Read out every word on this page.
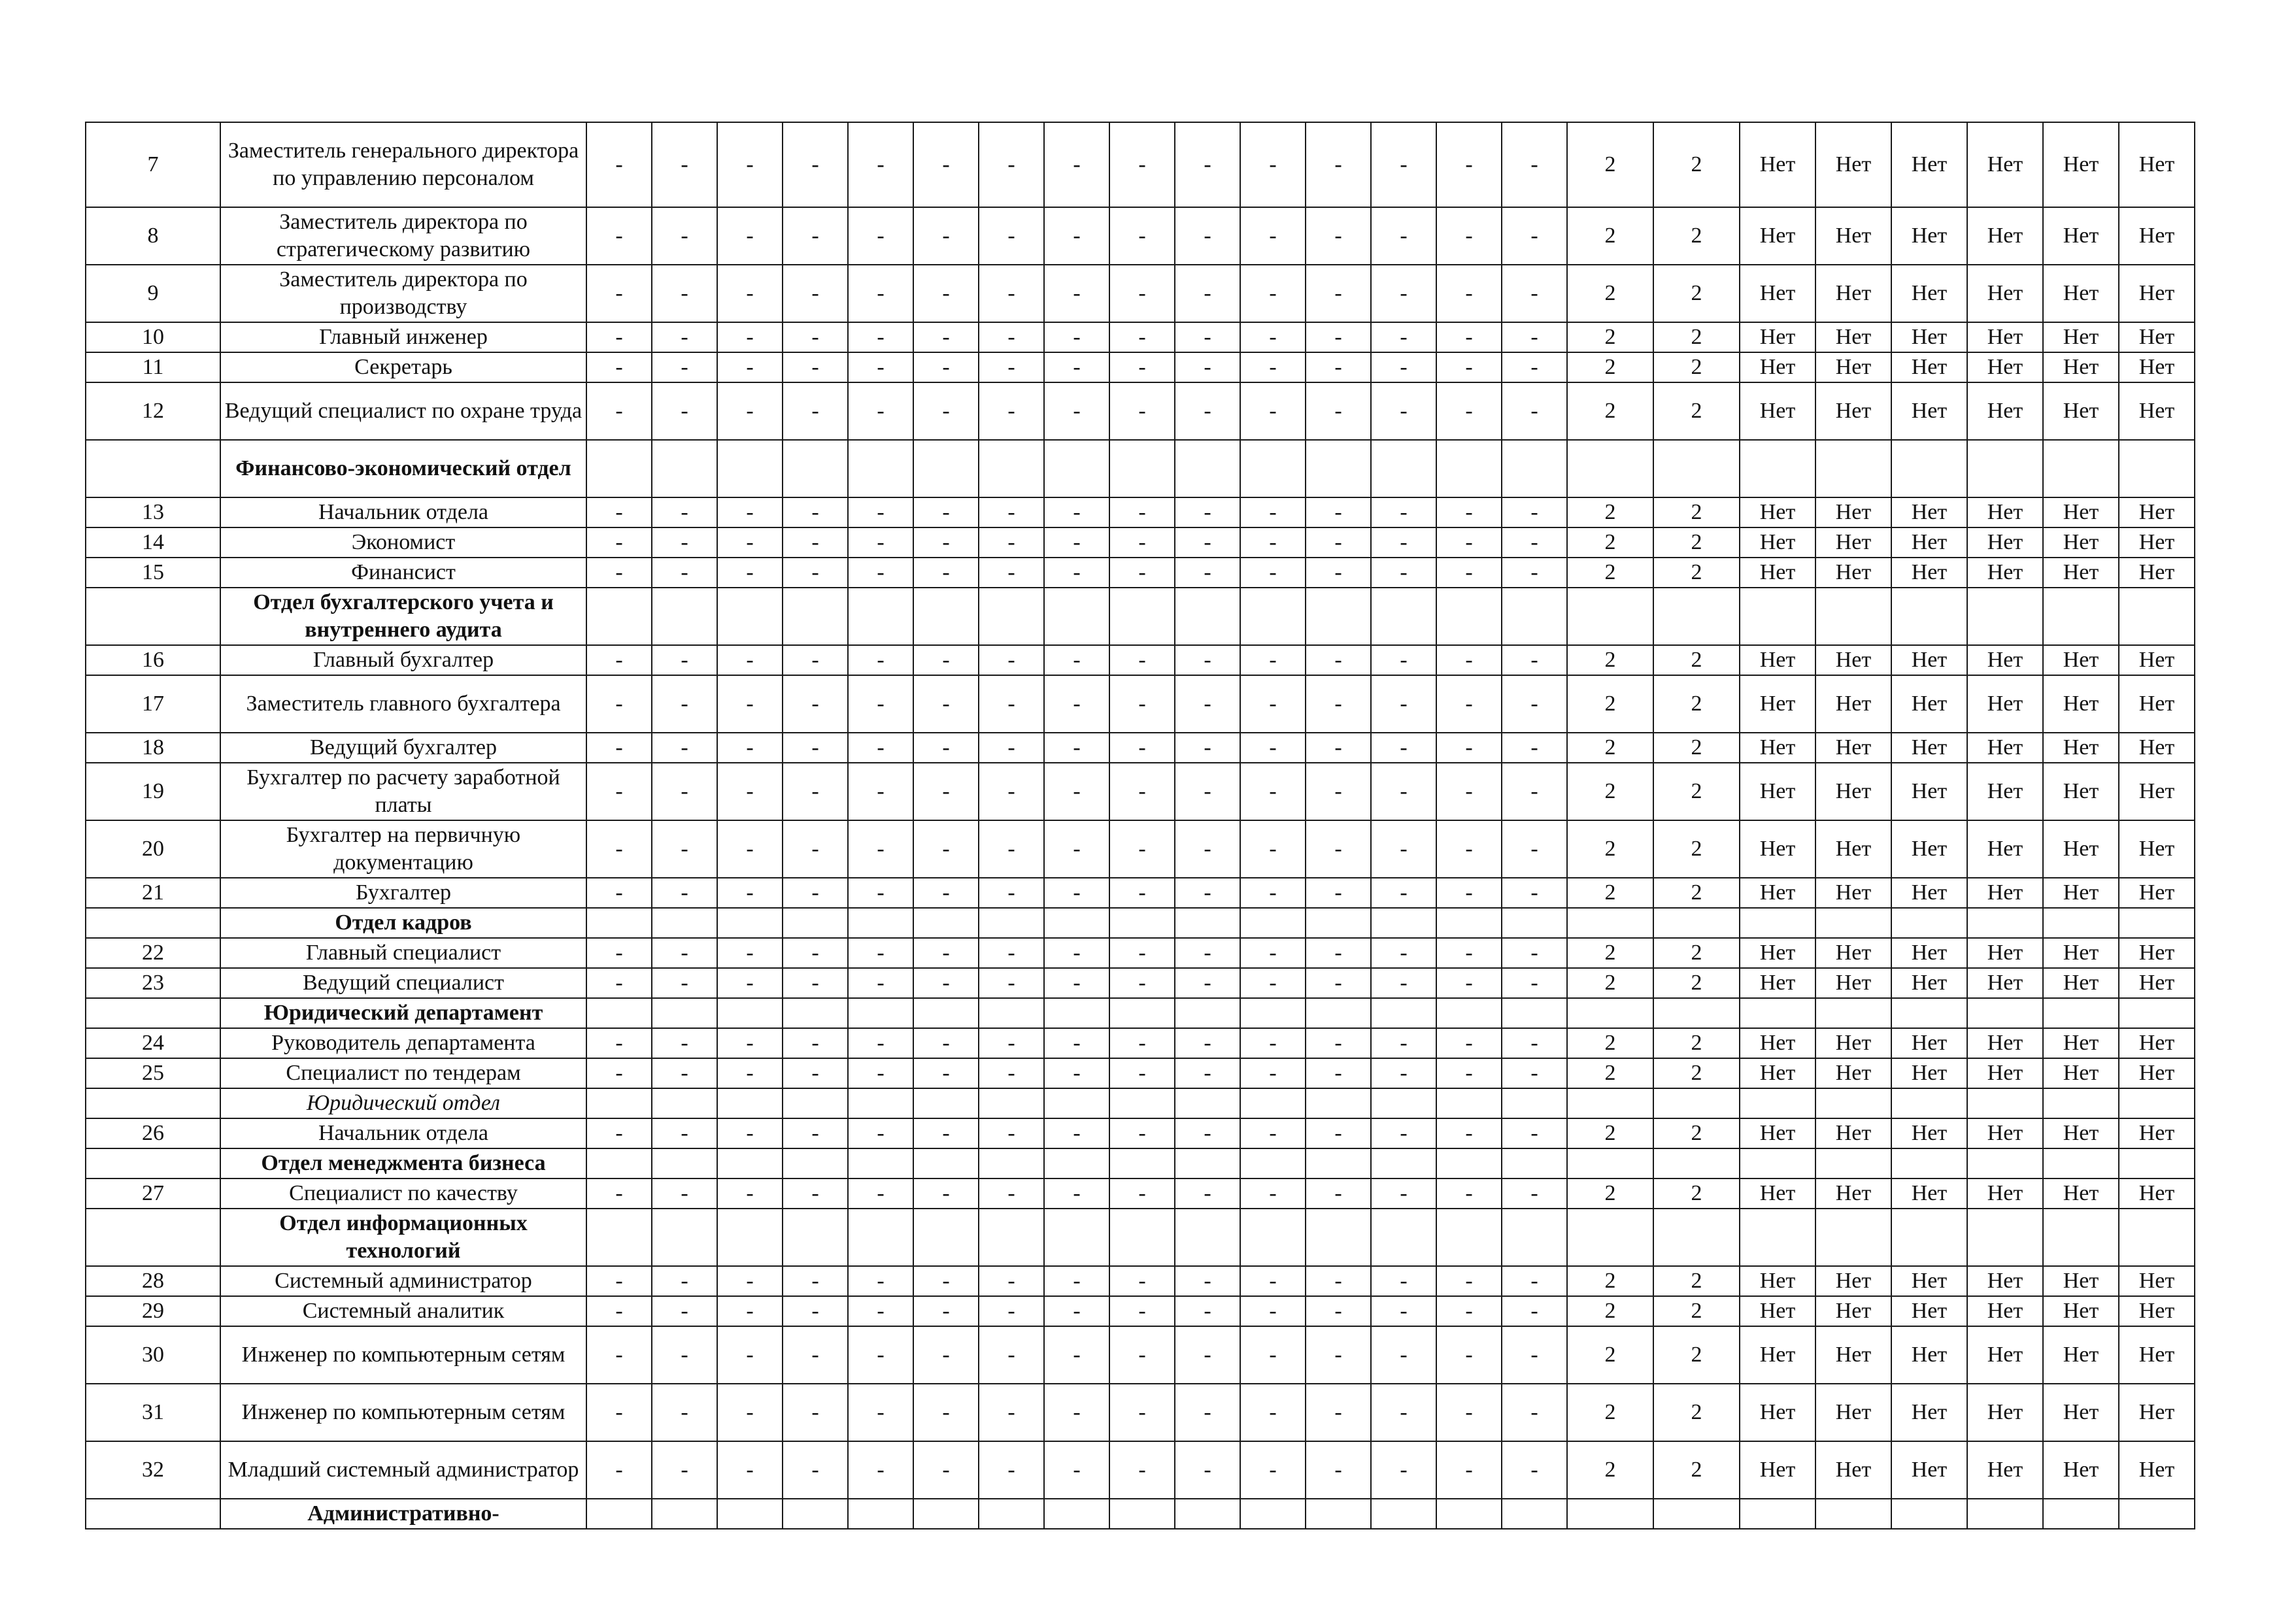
7	Заместитель генерального директора по управлению персоналом	-	-	-	-	-	-	-	-	-	-	-	-	-	-	-	2	2	Нет	Нет	Нет	Нет	Нет	Нет
8	Заместитель директора по стратегическому развитию	-	-	-	-	-	-	-	-	-	-	-	-	-	-	-	2	2	Нет	Нет	Нет	Нет	Нет	Нет
9	Заместитель директора по производству	-	-	-	-	-	-	-	-	-	-	-	-	-	-	-	2	2	Нет	Нет	Нет	Нет	Нет	Нет
10	Главный инженер	-	-	-	-	-	-	-	-	-	-	-	-	-	-	-	2	2	Нет	Нет	Нет	Нет	Нет	Нет
11	Секретарь	-	-	-	-	-	-	-	-	-	-	-	-	-	-	-	2	2	Нет	Нет	Нет	Нет	Нет	Нет
12	Ведущий специалист по охране труда	-	-	-	-	-	-	-	-	-	-	-	-	-	-	-	2	2	Нет	Нет	Нет	Нет	Нет	Нет
	Финансово-экономический отдел																							
13	Начальник отдела	-	-	-	-	-	-	-	-	-	-	-	-	-	-	-	2	2	Нет	Нет	Нет	Нет	Нет	Нет
14	Экономист	-	-	-	-	-	-	-	-	-	-	-	-	-	-	-	2	2	Нет	Нет	Нет	Нет	Нет	Нет
15	Финансист	-	-	-	-	-	-	-	-	-	-	-	-	-	-	-	2	2	Нет	Нет	Нет	Нет	Нет	Нет
	Отдел бухгалтерского учета и внутреннего аудита																							
16	Главный бухгалтер	-	-	-	-	-	-	-	-	-	-	-	-	-	-	-	2	2	Нет	Нет	Нет	Нет	Нет	Нет
17	Заместитель главного бухгалтера	-	-	-	-	-	-	-	-	-	-	-	-	-	-	-	2	2	Нет	Нет	Нет	Нет	Нет	Нет
18	Ведущий бухгалтер	-	-	-	-	-	-	-	-	-	-	-	-	-	-	-	2	2	Нет	Нет	Нет	Нет	Нет	Нет
19	Бухгалтер по расчету заработной платы	-	-	-	-	-	-	-	-	-	-	-	-	-	-	-	2	2	Нет	Нет	Нет	Нет	Нет	Нет
20	Бухгалтер на первичную документацию	-	-	-	-	-	-	-	-	-	-	-	-	-	-	-	2	2	Нет	Нет	Нет	Нет	Нет	Нет
21	Бухгалтер	-	-	-	-	-	-	-	-	-	-	-	-	-	-	-	2	2	Нет	Нет	Нет	Нет	Нет	Нет
	Отдел кадров																							
22	Главный специалист	-	-	-	-	-	-	-	-	-	-	-	-	-	-	-	2	2	Нет	Нет	Нет	Нет	Нет	Нет
23	Ведущий специалист	-	-	-	-	-	-	-	-	-	-	-	-	-	-	-	2	2	Нет	Нет	Нет	Нет	Нет	Нет
	Юридический департамент																							
24	Руководитель департамента	-	-	-	-	-	-	-	-	-	-	-	-	-	-	-	2	2	Нет	Нет	Нет	Нет	Нет	Нет
25	Специалист по тендерам	-	-	-	-	-	-	-	-	-	-	-	-	-	-	-	2	2	Нет	Нет	Нет	Нет	Нет	Нет
	Юридический отдел																							
26	Начальник отдела	-	-	-	-	-	-	-	-	-	-	-	-	-	-	-	2	2	Нет	Нет	Нет	Нет	Нет	Нет
	Отдел менеджмента бизнеса																							
27	Специалист по качеству	-	-	-	-	-	-	-	-	-	-	-	-	-	-	-	2	2	Нет	Нет	Нет	Нет	Нет	Нет
	Отдел информационных технологий																							
28	Системный администратор	-	-	-	-	-	-	-	-	-	-	-	-	-	-	-	2	2	Нет	Нет	Нет	Нет	Нет	Нет
29	Системный аналитик	-	-	-	-	-	-	-	-	-	-	-	-	-	-	-	2	2	Нет	Нет	Нет	Нет	Нет	Нет
30	Инженер по компьютерным сетям	-	-	-	-	-	-	-	-	-	-	-	-	-	-	-	2	2	Нет	Нет	Нет	Нет	Нет	Нет
31	Инженер по компьютерным сетям	-	-	-	-	-	-	-	-	-	-	-	-	-	-	-	2	2	Нет	Нет	Нет	Нет	Нет	Нет
32	Младший системный администратор	-	-	-	-	-	-	-	-	-	-	-	-	-	-	-	2	2	Нет	Нет	Нет	Нет	Нет	Нет
	Административно-																							
